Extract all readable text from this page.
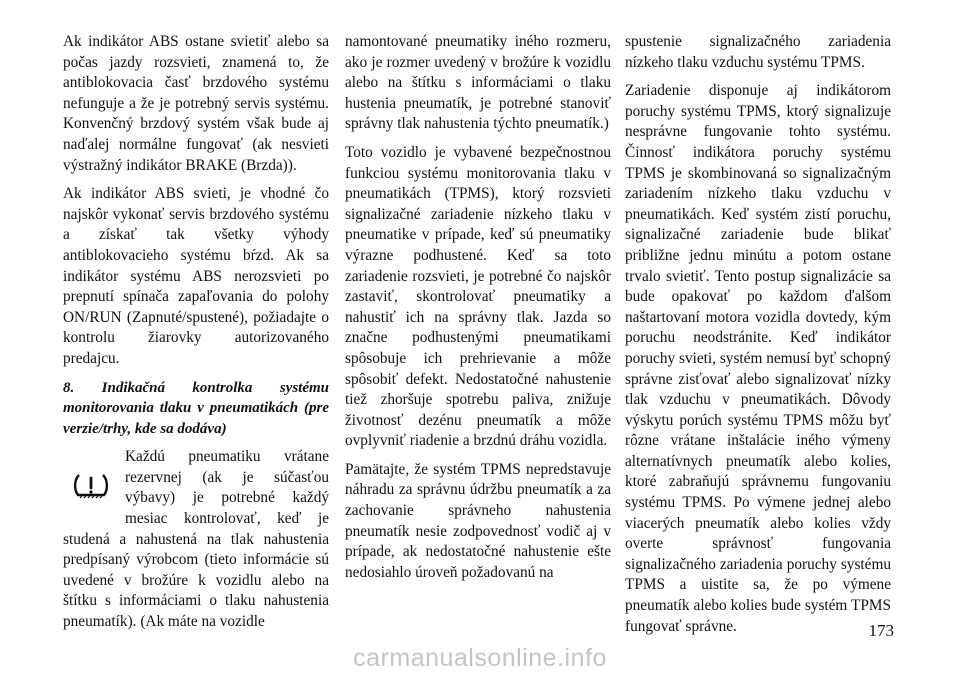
Ak indikátor ABS ostane svietiť alebo sa počas jazdy rozsvieti, znamená to, že antiblokovacia časť brzdového systému nefunguje a že je potrebný servis systému. Konvenčný brzdový systém však bude aj naďalej normálne fungovať (ak nesvieti výstražný indikátor BRAKE (Brzda)).

Ak indikátor ABS svieti, je vhodné čo najskôr vykonať servis brzdového systému a získať tak všetky výhody antiblokovacieho systému bŕzd. Ak sa indikátor systému ABS nerozsvieti po prepnutí spínača zapaľovania do polohy ON/RUN (Zapnuté/spustené), požiadajte o kontrolu žiarovky autorizovaného predajcu.

8. Indikačná kontrolka systému monitorovania tlaku v pneumatikách (pre verzie/trhy, kde sa dodáva)

Každú pneumatiku vrátane rezervnej (ak je súčasťou výbavy) je potrebné každý mesiac kontrolovať, keď je studená a nahustená na tlak nahustenia predpísaný výrobcom (tieto informácie sú uvedené v brožúre k vozidlu alebo na štítku s informáciami o tlaku nahustenia pneumatík). (Ak máte na vozidle

namontované pneumatiky iného rozmeru, ako je rozmer uvedený v brožúre k vozidlu alebo na štítku s informáciami o tlaku hustenia pneumatík, je potrebné stanoviť správny tlak nahustenia týchto pneumatík.)

Toto vozidlo je vybavené bezpečnostnou funkciou systému monitorovania tlaku v pneumatikách (TPMS), ktorý rozsvieti signalizačné zariadenie nízkeho tlaku v pneumatike v prípade, keď sú pneumatiky výrazne podhustené. Keď sa toto zariadenie rozsvieti, je potrebné čo najskôr zastaviť, skontrolovať pneumatiky a nahustiť ich na správny tlak. Jazda so značne podhustenými pneumatikami spôsobuje ich prehrievanie a môže spôsobiť defekt. Nedostatočné nahustenie tiež zhoršuje spotrebu paliva, znižuje životnosť dezénu pneumatík a môže ovplyvniť riadenie a brzdnú dráhu vozidla.

Pamätajte, že systém TPMS nepredstavuje náhradu za správnu údržbu pneumatík a za zachovanie správneho nahustenia pneumatík nesie zodpovednosť vodič aj v prípade, ak nedostatočné nahustenie ešte nedosiahlo úroveň požadovanú na

spustenie signalizačného zariadenia nízkeho tlaku vzduchu systému TPMS.

Zariadenie disponuje aj indikátorom poruchy systému TPMS, ktorý signalizuje nesprávne fungovanie tohto systému. Činnosť indikátora poruchy systému TPMS je skombinovaná so signalizačným zariadením nízkeho tlaku vzduchu v pneumatikách. Keď systém zistí poruchu, signalizačné zariadenie bude blikať približne jednu minútu a potom ostane trvalo svietiť. Tento postup signalizácie sa bude opakovať po každom ďalšom naštartovaní motora vozidla dovtedy, kým poruchu neodstránite. Keď indikátor poruchy svieti, systém nemusí byť schopný správne zisťovať alebo signalizovať nízky tlak vzduchu v pneumatikách. Dôvody výskytu porúch systému TPMS môžu byť rôzne vrátane inštalácie iného výmeny alternatívnych pneumatík alebo kolies, ktoré zabraňujú správnemu fungovaniu systému TPMS. Po výmene jednej alebo viacerých pneumatík alebo kolies vždy overte správnosť fungovania signalizačného zariadenia poruchy systému TPMS a uistite sa, že po výmene pneumatík alebo kolies bude systém TPMS fungovať správne.	173
carmanualsonline.info
